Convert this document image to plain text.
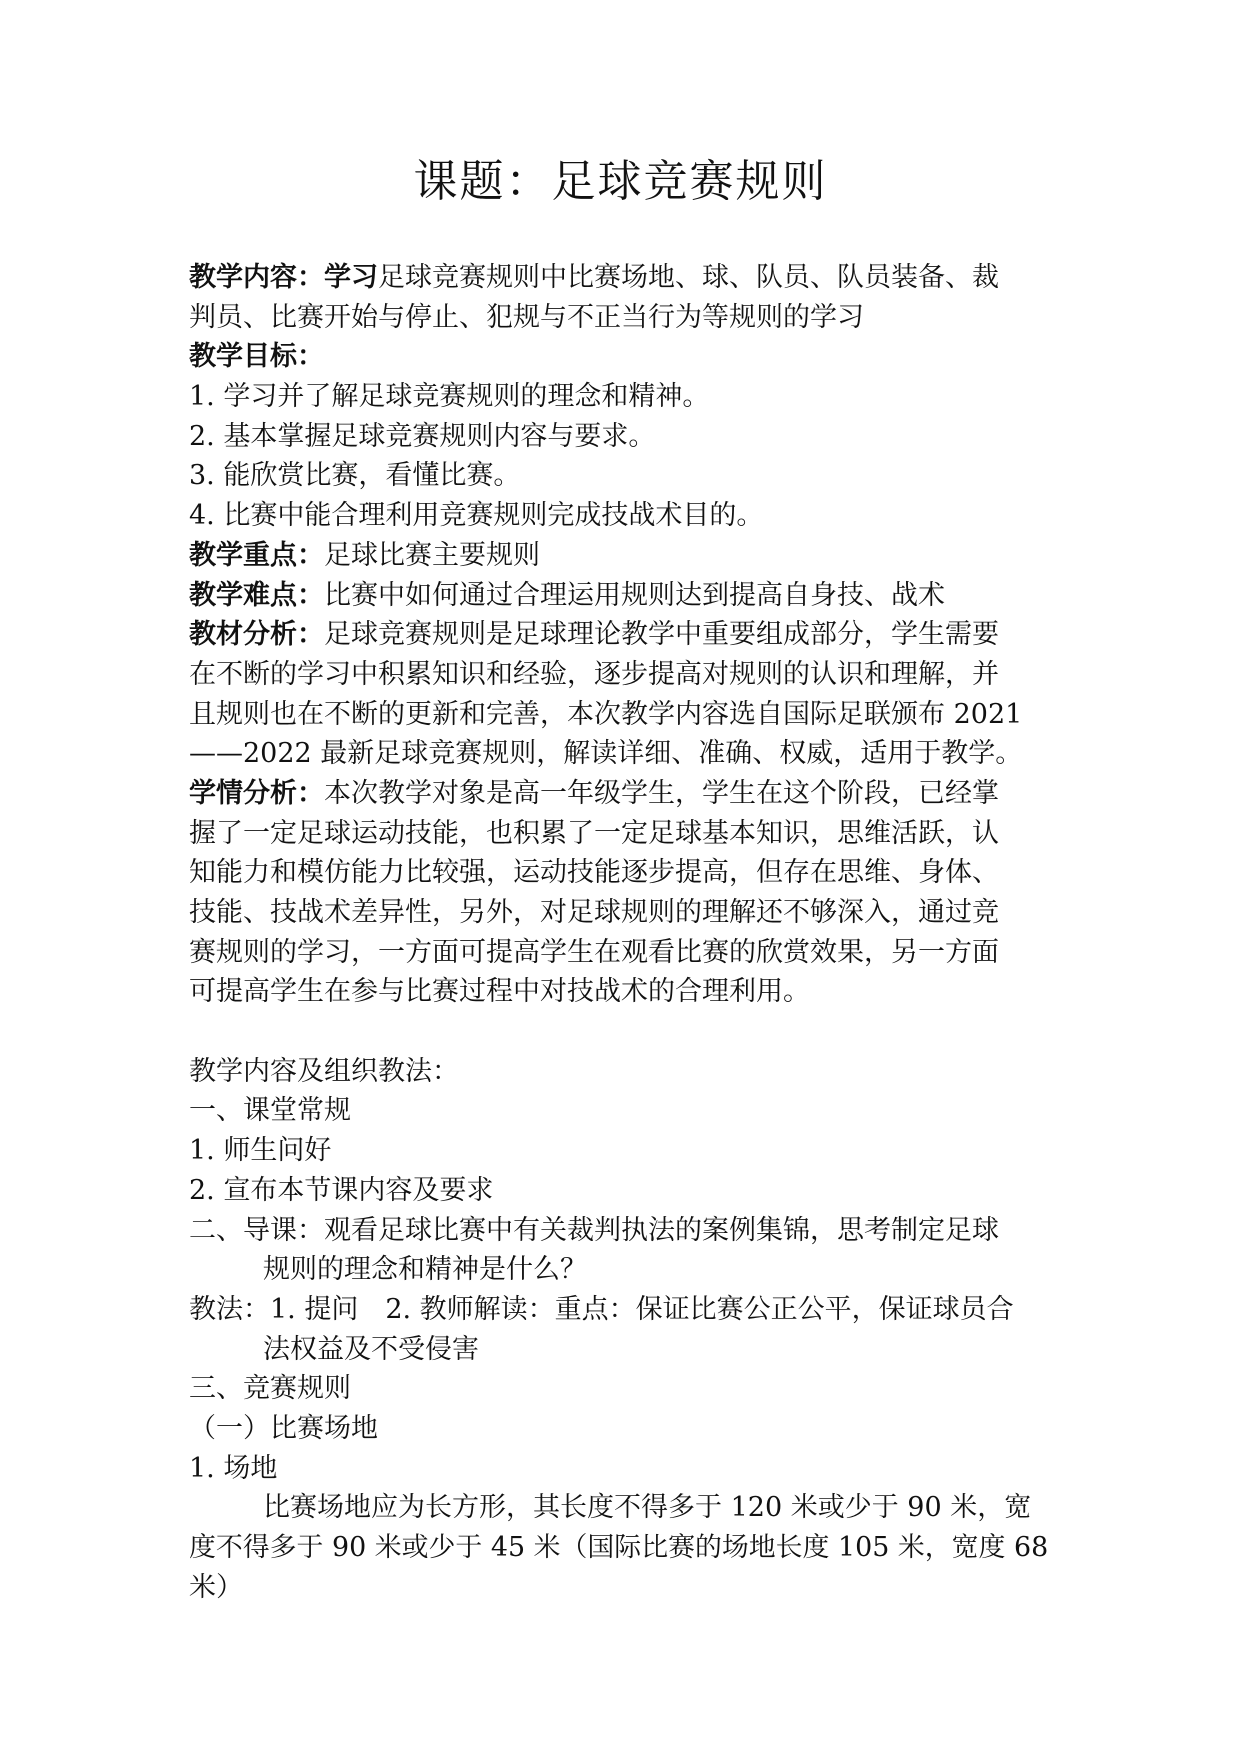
课题：足球竞赛规则
教学内容：学习足球竞赛规则中比赛场地、球、队员、队员装备、裁
判员、比赛开始与停止、犯规与不正当行为等规则的学习
教学目标：
1. 学习并了解足球竞赛规则的理念和精神。
2. 基本掌握足球竞赛规则内容与要求。
3. 能欣赏比赛，看懂比赛。
4. 比赛中能合理利用竞赛规则完成技战术目的。
教学重点：足球比赛主要规则
教学难点：比赛中如何通过合理运用规则达到提高自身技、战术
教材分析：足球竞赛规则是足球理论教学中重要组成部分，学生需要
在不断的学习中积累知识和经验，逐步提高对规则的认识和理解，并
且规则也在不断的更新和完善，本次教学内容选自国际足联颁布 2021
——2022 最新足球竞赛规则，解读详细、准确、权威，适用于教学。
学情分析：本次教学对象是高一年级学生，学生在这个阶段，已经掌
握了一定足球运动技能，也积累了一定足球基本知识，思维活跃，认
知能力和模仿能力比较强，运动技能逐步提高，但存在思维、身体、
技能、技战术差异性，另外，对足球规则的理解还不够深入，通过竞
赛规则的学习，一方面可提高学生在观看比赛的欣赏效果，另一方面
可提高学生在参与比赛过程中对技战术的合理利用。
教学内容及组织教法：
一、课堂常规
1. 师生问好
2. 宣布本节课内容及要求
二、导课：观看足球比赛中有关裁判执法的案例集锦，思考制定足球
规则的理念和精神是什么？
教法：1. 提问　2. 教师解读：重点：保证比赛公正公平，保证球员合
法权益及不受侵害
三、竞赛规则
（一）比赛场地
1. 场地
比赛场地应为长方形，其长度不得多于 120 米或少于 90 米，宽
度不得多于 90 米或少于 45 米（国际比赛的场地长度 105 米，宽度 68
米）
